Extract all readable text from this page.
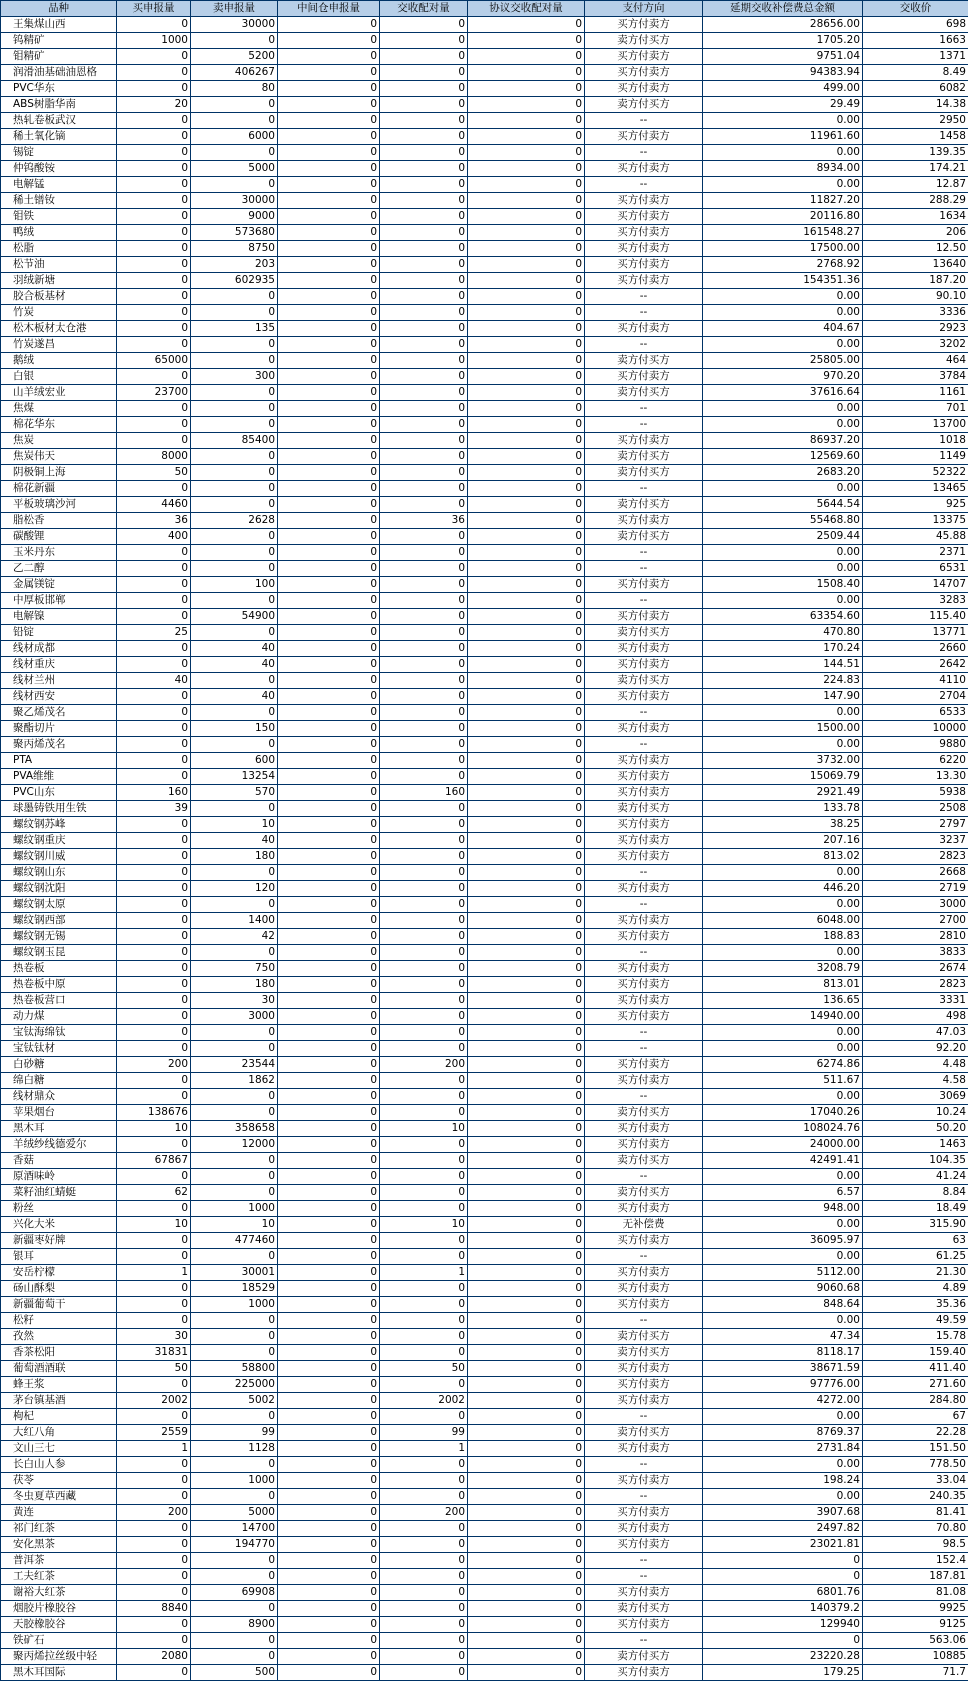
品种	买申报量	卖申报量	中间仓申报量	交收配对量	协议交收配对量	支付方向	延期交收补偿费总金额	交收价
王集煤山西	0	30000	0	0	0	买方付卖方	28656.00	698
钨精矿	1000	0	0	0	0	卖方付买方	1705.20	1663
钼精矿	0	5200	0	0	0	买方付卖方	9751.04	1371
润滑油基础油恩格	0	406267	0	0	0	买方付卖方	94383.94	8.49
PVC华东	0	80	0	0	0	买方付卖方	499.00	6082
ABS树脂华南	20	0	0	0	0	卖方付买方	29.49	14.38
热轧卷板武汉	0	0	0	0	0	--	0.00	2950
稀土氧化镝	0	6000	0	0	0	买方付卖方	11961.60	1458
锡锭	0	0	0	0	0	--	0.00	139.35
仲钨酸铵	0	5000	0	0	0	买方付卖方	8934.00	174.21
电解锰	0	0	0	0	0	--	0.00	12.87
稀土镨钕	0	30000	0	0	0	买方付卖方	11827.20	288.29
钼铁	0	9000	0	0	0	买方付卖方	20116.80	1634
鸭绒	0	573680	0	0	0	买方付卖方	161548.27	206
松脂	0	8750	0	0	0	买方付卖方	17500.00	12.50
松节油	0	203	0	0	0	买方付卖方	2768.92	13640
羽绒新塘	0	602935	0	0	0	买方付卖方	154351.36	187.20
胶合板基材	0	0	0	0	0	--	0.00	90.10
竹炭	0	0	0	0	0	--	0.00	3336
松木板材太仓港	0	135	0	0	0	买方付卖方	404.67	2923
竹炭遂昌	0	0	0	0	0	--	0.00	3202
鹅绒	65000	0	0	0	0	卖方付买方	25805.00	464
白银	0	300	0	0	0	买方付卖方	970.20	3784
山羊绒宏业	23700	0	0	0	0	卖方付买方	37616.64	1161
焦煤	0	0	0	0	0	--	0.00	701
棉花华东	0	0	0	0	0	--	0.00	13700
焦炭	0	85400	0	0	0	买方付卖方	86937.20	1018
焦炭伟天	8000	0	0	0	0	卖方付买方	12569.60	1149
阴极铜上海	50	0	0	0	0	卖方付买方	2683.20	52322
棉花新疆	0	0	0	0	0	--	0.00	13465
平板玻璃沙河	4460	0	0	0	0	卖方付买方	5644.54	925
脂松香	36	2628	0	36	0	买方付卖方	55468.80	13375
碳酸锂	400	0	0	0	0	卖方付买方	2509.44	45.88
玉米丹东	0	0	0	0	0	--	0.00	2371
乙二醇	0	0	0	0	0	--	0.00	6531
金属镁锭	0	100	0	0	0	买方付卖方	1508.40	14707
中厚板邯郸	0	0	0	0	0	--	0.00	3283
电解镍	0	54900	0	0	0	买方付卖方	63354.60	115.40
铅锭	25	0	0	0	0	卖方付买方	470.80	13771
线材成都	0	40	0	0	0	买方付卖方	170.24	2660
线材重庆	0	40	0	0	0	买方付卖方	144.51	2642
线材兰州	40	0	0	0	0	卖方付买方	224.83	4110
线材西安	0	40	0	0	0	买方付卖方	147.90	2704
聚乙烯茂名	0	0	0	0	0	--	0.00	6533
聚酯切片	0	150	0	0	0	买方付卖方	1500.00	10000
聚丙烯茂名	0	0	0	0	0	--	0.00	9880
PTA	0	600	0	0	0	买方付卖方	3732.00	6220
PVA维维	0	13254	0	0	0	买方付卖方	15069.79	13.30
PVC山东	160	570	0	160	0	买方付卖方	2921.49	5938
球墨铸铁用生铁	39	0	0	0	0	卖方付买方	133.78	2508
螺纹钢苏峰	0	10	0	0	0	买方付卖方	38.25	2797
螺纹钢重庆	0	40	0	0	0	买方付卖方	207.16	3237
螺纹钢川威	0	180	0	0	0	买方付卖方	813.02	2823
螺纹钢山东	0	0	0	0	0	--	0.00	2668
螺纹钢沈阳	0	120	0	0	0	买方付卖方	446.20	2719
螺纹钢太原	0	0	0	0	0	--	0.00	3000
螺纹钢西部	0	1400	0	0	0	买方付卖方	6048.00	2700
螺纹钢无锡	0	42	0	0	0	买方付卖方	188.83	2810
螺纹钢玉昆	0	0	0	0	0	--	0.00	3833
热卷板	0	750	0	0	0	买方付卖方	3208.79	2674
热卷板中原	0	180	0	0	0	买方付卖方	813.01	2823
热卷板营口	0	30	0	0	0	买方付卖方	136.65	3331
动力煤	0	3000	0	0	0	买方付卖方	14940.00	498
宝钛海绵钛	0	0	0	0	0	--	0.00	47.03
宝钛钛材	0	0	0	0	0	--	0.00	92.20
白砂糖	200	23544	0	200	0	买方付卖方	6274.86	4.48
绵白糖	0	1862	0	0	0	买方付卖方	511.67	4.58
线材鼎众	0	0	0	0	0	--	0.00	3069
苹果烟台	138676	0	0	0	0	卖方付买方	17040.26	10.24
黑木耳	10	358658	0	10	0	买方付卖方	108024.76	50.20
羊绒纱线德爱尔	0	12000	0	0	0	买方付卖方	24000.00	1463
香菇	67867	0	0	0	0	卖方付买方	42491.41	104.35
原酒味岭	0	0	0	0	0	--	0.00	41.24
菜籽油红蜻蜓	62	0	0	0	0	卖方付买方	6.57	8.84
粉丝	0	1000	0	0	0	买方付卖方	948.00	18.49
兴化大米	10	10	0	10	0	无补偿费	0.00	315.90
新疆枣好牌	0	477460	0	0	0	买方付卖方	36095.97	63
银耳	0	0	0	0	0	--	0.00	61.25
安岳柠檬	1	30001	0	1	0	买方付卖方	5112.00	21.30
砀山酥梨	0	18529	0	0	0	买方付卖方	9060.68	4.89
新疆葡萄干	0	1000	0	0	0	买方付卖方	848.64	35.36
松籽	0	0	0	0	0	--	0.00	49.59
孜然	30	0	0	0	0	卖方付买方	47.34	15.78
香茶松阳	31831	0	0	0	0	卖方付买方	8118.17	159.40
葡萄酒酒联	50	58800	0	50	0	买方付卖方	38671.59	411.40
蜂王浆	0	225000	0	0	0	买方付卖方	97776.00	271.60
茅台镇基酒	2002	5002	0	2002	0	买方付卖方	4272.00	284.80
枸杞	0	0	0	0	0	--	0.00	67
大红八角	2559	99	0	99	0	卖方付买方	8769.37	22.28
文山三七	1	1128	0	1	0	买方付卖方	2731.84	151.50
长白山人参	0	0	0	0	0	--	0.00	778.50
茯苓	0	1000	0	0	0	买方付卖方	198.24	33.04
冬虫夏草西藏	0	0	0	0	0	--	0.00	240.35
黄连	200	5000	0	200	0	买方付卖方	3907.68	81.41
祁门红茶	0	14700	0	0	0	买方付卖方	2497.82	70.80
安化黑茶	0	194770	0	0	0	买方付卖方	23021.81	98.5
普洱茶	0	0	0	0	0	--	0	152.4
工夫红茶	0	0	0	0	0	--	0	187.81
谢裕大红茶	0	69908	0	0	0	买方付卖方	6801.76	81.08
烟胶片橡胶谷	8840	0	0	0	0	卖方付买方	140379.2	9925
天胶橡胶谷	0	8900	0	0	0	买方付卖方	129940	9125
铁矿石	0	0	0	0	0	--	0	563.06
聚丙烯拉丝级中轻	2080	0	0	0	0	卖方付买方	23220.28	10885
黑木耳国际	0	500	0	0	0	买方付卖方	179.25	71.7
